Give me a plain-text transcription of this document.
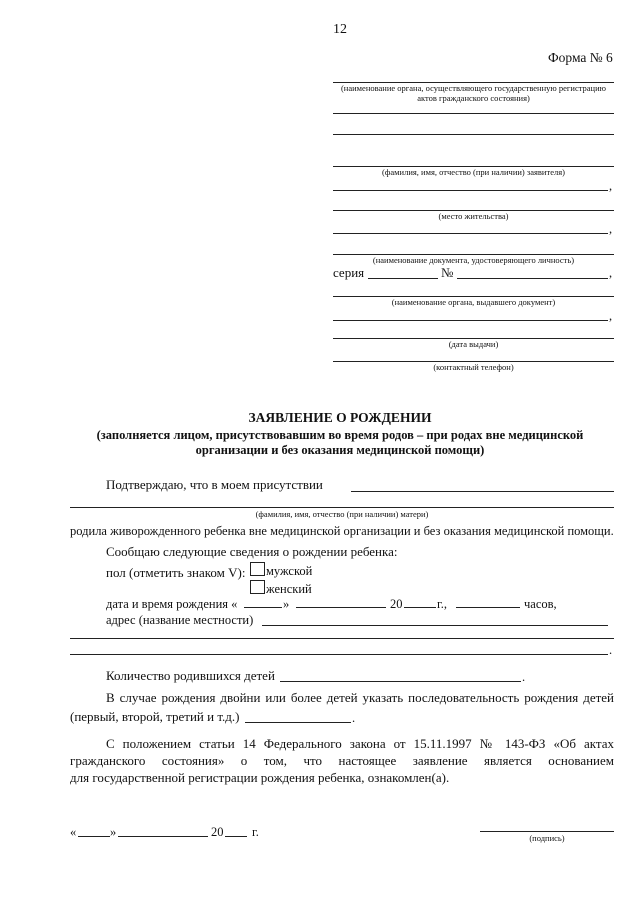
12
Форма № 6
(наименование органа, осуществляющего государственную регистрацию актов гражданского состояния)
(фамилия, имя, отчество (при наличии) заявителя)
,
(место жительства)
,
(наименование документа, удостоверяющего личность)
серия	№	,
(наименование органа, выдавшего документ)
,
(дата выдачи)
(контактный телефон)
ЗАЯВЛЕНИЕ О РОЖДЕНИИ
(заполняется лицом, присутствовавшим во время родов – при родах вне медицинской
организации и без оказания медицинской помощи)
Подтверждаю, что в моем присутствии
(фамилия, имя, отчество (при наличии) матери)
родила живорожденного ребенка вне медицинской организации и без оказания медицинской помощи.
Сообщаю следующие сведения о рождении ребенка:
пол (отметить знаком V): мужской
женский
дата и время рождения «	»	20	г.,	часов,
адрес (название местности)
.
Количество родившихся детей	.
В случае рождения двойни или более детей указать последовательность рождения детей
(первый, второй, третий и т.д.)	.
С положением статьи 14 Федерального закона от 15.11.1997 № 143-ФЗ «Об актах
гражданского состояния» о том, что настоящее заявление является основанием
для государственной регистрации рождения ребенка, ознакомлен(а).
«	»	20 г.	(подпись)
